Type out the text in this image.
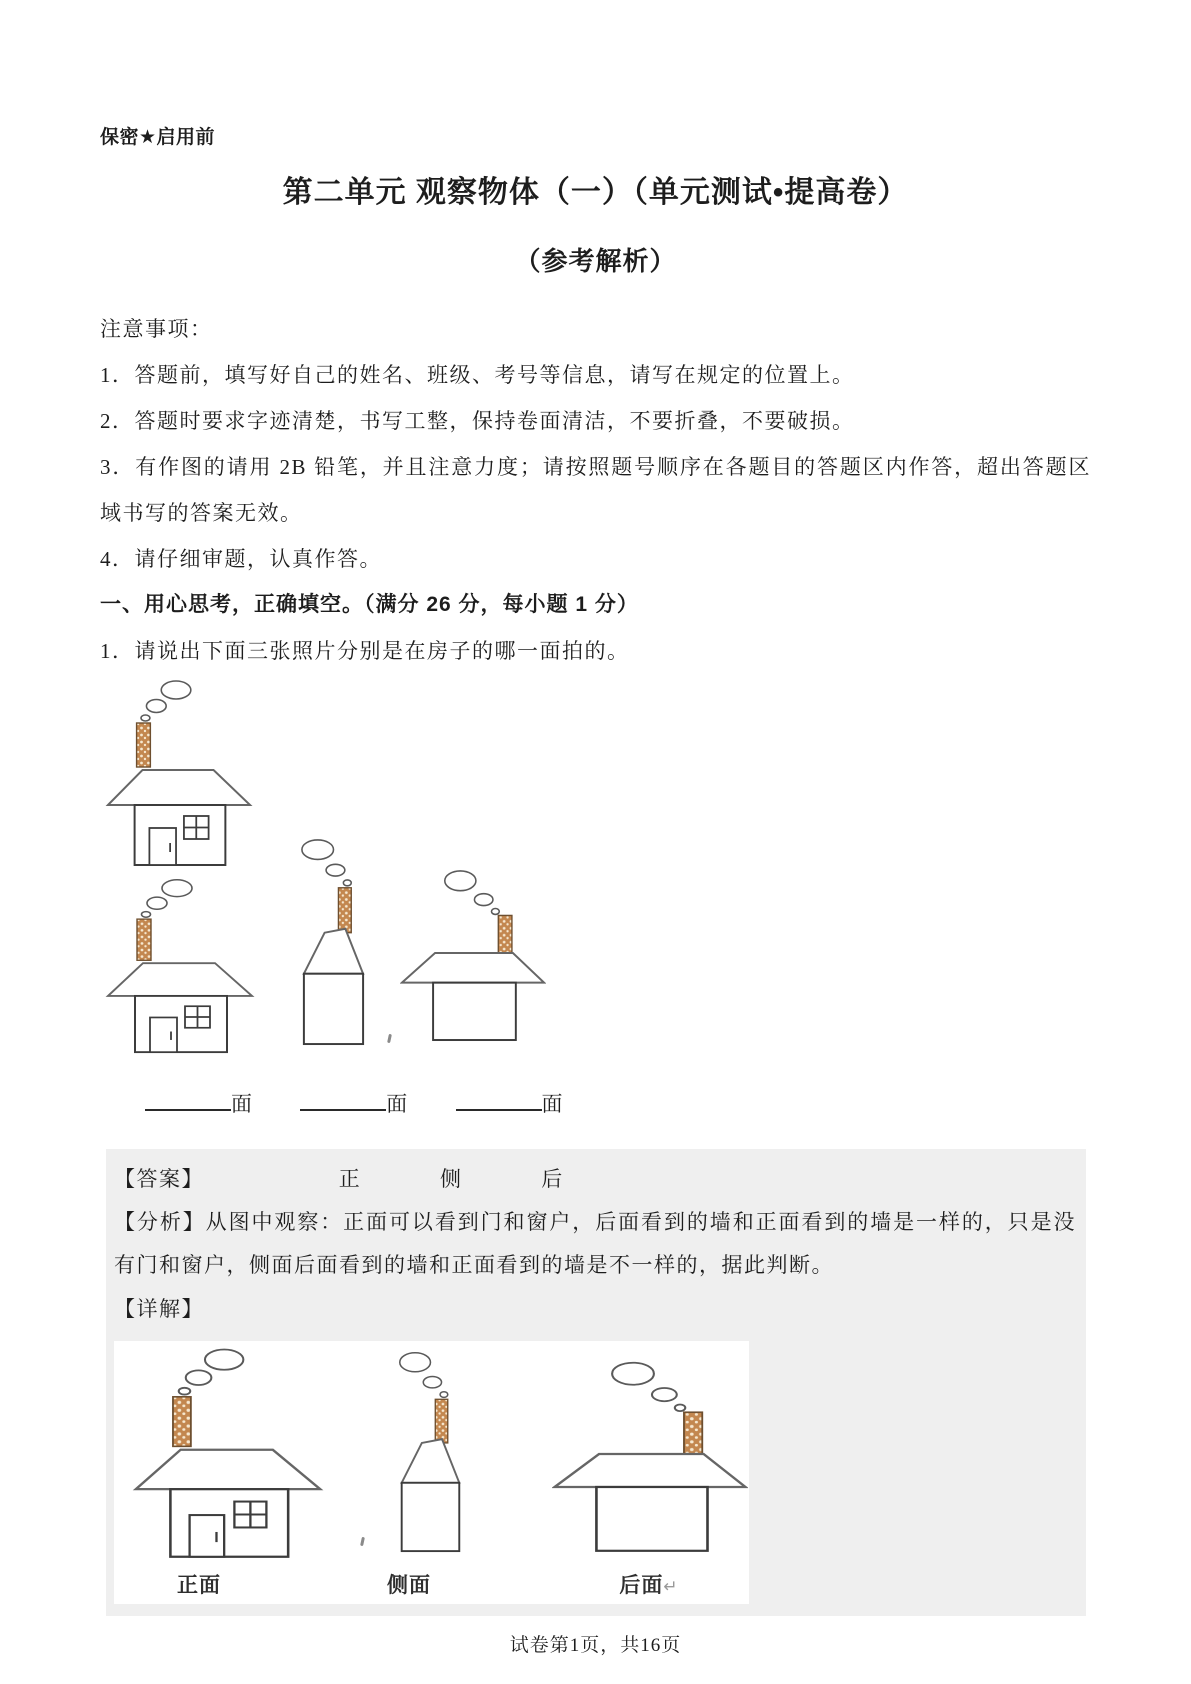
保密★启用前
第二单元 观察物体（一）（单元测试•提高卷）
（参考解析）
注意事项：
1．答题前，填写好自己的姓名、班级、考号等信息，请写在规定的位置上。
2．答题时要求字迹清楚，书写工整，保持卷面清洁，不要折叠，不要破损。
3．有作图的请用 2B 铅笔，并且注意力度；请按照题号顺序在各题目的答题区内作答，超出答题区域书写的答案无效。
4．请仔细审题，认真作答。
一、用心思考，正确填空。（满分 26 分，每小题 1 分）
1．请说出下面三张照片分别是在房子的哪一面拍的。
面	面	面
【答案】	正	侧	后
【分析】从图中观察：正面可以看到门和窗户，后面看到的墙和正面看到的墙是一样的，只是没有门和窗户，侧面后面看到的墙和正面看到的墙是不一样的，据此判断。
【详解】
正面	侧面	后面↵
试卷第1页，共16页
